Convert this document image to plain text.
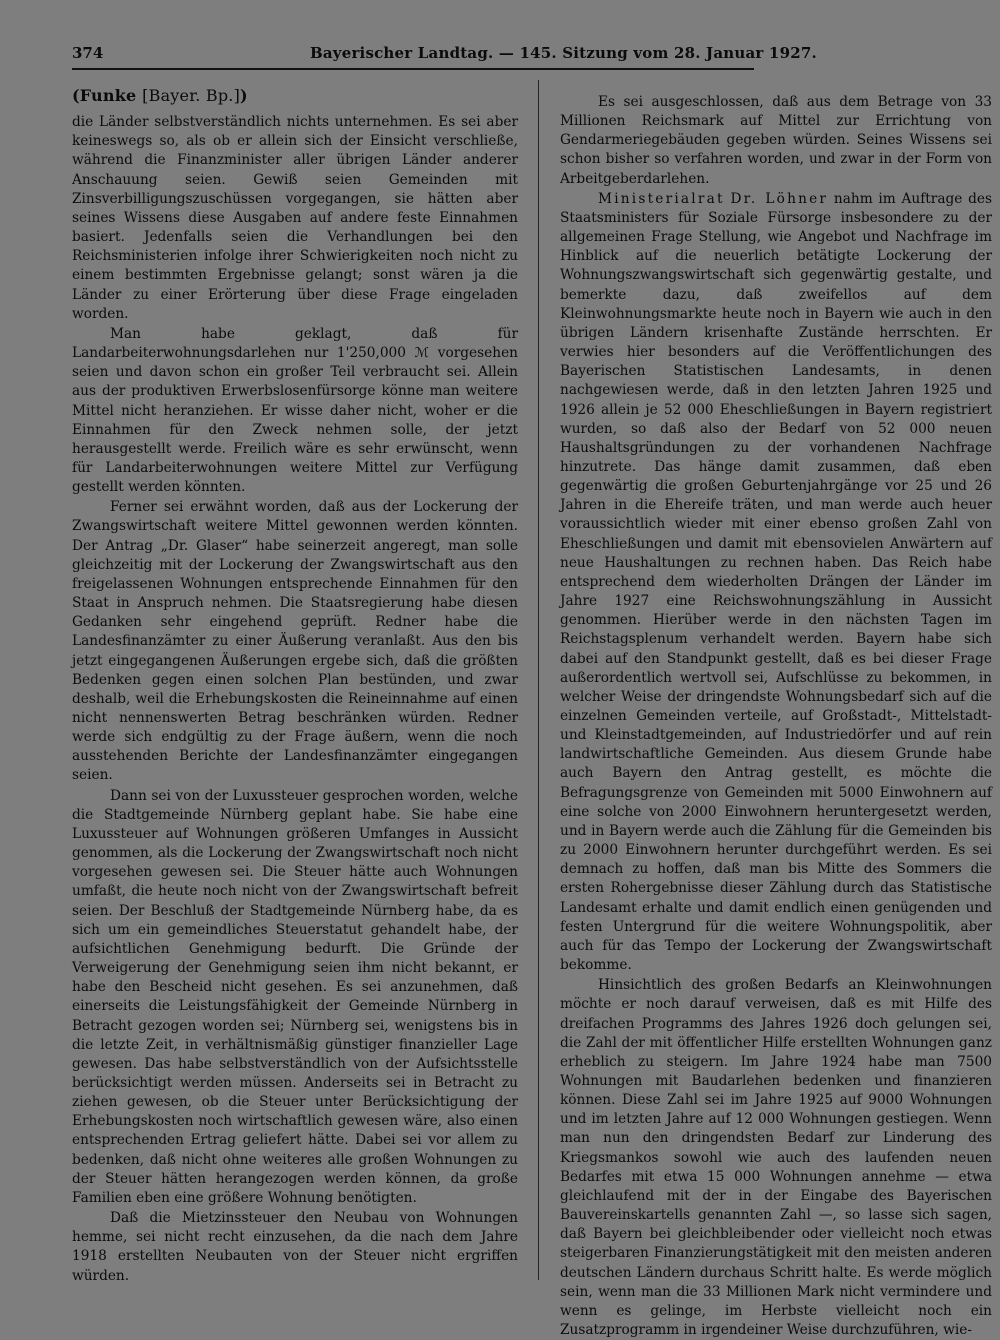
374	Bayerischer Landtag. — 145. Sitzung vom 28. Januar 1927.

(Funke [Bayer. Bp.])

die Länder selbstverständlich nichts unternehmen. Es sei aber keineswegs so, als ob er allein sich der Einsicht verschließe, während die Finanzminister aller übrigen Länder anderer Anschauung seien. Gewiß seien Gemeinden mit Zinsverbilligungszuschüssen vorgegangen, sie hätten aber seines Wissens diese Ausgaben auf andere feste Einnahmen basiert. Jedenfalls seien die Verhandlungen bei den Reichsministerien infolge ihrer Schwierigkeiten noch nicht zu einem bestimmten Ergebnisse gelangt; sonst wären ja die Länder zu einer Erörterung über diese Frage eingeladen worden.

Man habe geklagt, daß für Landarbeiterwohnungsdarlehen nur 1'250,000 ℳ vorgesehen seien und davon schon ein großer Teil verbraucht sei. Allein aus der produktiven Erwerbslosenfürsorge könne man weitere Mittel nicht heranziehen. Er wisse daher nicht, woher er die Einnahmen für den Zweck nehmen solle, der jetzt herausgestellt werde. Freilich wäre es sehr erwünscht, wenn für Landarbeiterwohnungen weitere Mittel zur Verfügung gestellt werden könnten.

Ferner sei erwähnt worden, daß aus der Lockerung der Zwangswirtschaft weitere Mittel gewonnen werden könnten. Der Antrag „Dr. Glaser“ habe seinerzeit angeregt, man solle gleichzeitig mit der Lockerung der Zwangswirtschaft aus den freigelassenen Wohnungen entsprechende Einnahmen für den Staat in Anspruch nehmen. Die Staatsregierung habe diesen Gedanken sehr eingehend geprüft. Redner habe die Landesfinanzämter zu einer Äußerung veranlaßt. Aus den bis jetzt eingegangenen Äußerungen ergebe sich, daß die größten Bedenken gegen einen solchen Plan bestünden, und zwar deshalb, weil die Erhebungskosten die Reineinnahme auf einen nicht nennenswerten Betrag beschränken würden. Redner werde sich endgültig zu der Frage äußern, wenn die noch ausstehenden Berichte der Landesfinanzämter eingegangen seien.

Dann sei von der Luxussteuer gesprochen worden, welche die Stadtgemeinde Nürnberg geplant habe. Sie habe eine Luxussteuer auf Wohnungen größeren Umfanges in Aussicht genommen, als die Lockerung der Zwangswirtschaft noch nicht vorgesehen gewesen sei. Die Steuer hätte auch Wohnungen umfaßt, die heute noch nicht von der Zwangswirtschaft befreit seien. Der Beschluß der Stadtgemeinde Nürnberg habe, da es sich um ein gemeindliches Steuerstatut gehandelt habe, der aufsichtlichen Genehmigung bedurft. Die Gründe der Verweigerung der Genehmigung seien ihm nicht bekannt, er habe den Bescheid nicht gesehen. Es sei anzunehmen, daß einerseits die Leistungsfähigkeit der Gemeinde Nürnberg in Betracht gezogen worden sei; Nürnberg sei, wenigstens bis in die letzte Zeit, in verhältnismäßig günstiger finanzieller Lage gewesen. Das habe selbstverständlich von der Aufsichtsstelle berücksichtigt werden müssen. Anderseits sei in Betracht zu ziehen gewesen, ob die Steuer unter Berücksichtigung der Erhebungskosten noch wirtschaftlich gewesen wäre, also einen entsprechenden Ertrag geliefert hätte. Dabei sei vor allem zu bedenken, daß nicht ohne weiteres alle großen Wohnungen zu der Steuer hätten herangezogen werden können, da große Familien eben eine größere Wohnung benötigten.

Daß die Mietzinssteuer den Neubau von Wohnungen hemme, sei nicht recht einzusehen, da die nach dem Jahre 1918 erstellten Neubauten von der Steuer nicht ergriffen würden.

Es sei ausgeschlossen, daß aus dem Betrage von 33 Millionen Reichsmark auf Mittel zur Errichtung von Gendarmeriegebäuden gegeben würden. Seines Wissens sei schon bisher so verfahren worden, und zwar in der Form von Arbeitgeberdarlehen.

Ministerialrat Dr. Löhner nahm im Auftrage des Staatsministers für Soziale Fürsorge insbesondere zu der allgemeinen Frage Stellung, wie Angebot und Nachfrage im Hinblick auf die neuerlich betätigte Lockerung der Wohnungszwangswirtschaft sich gegenwärtig gestalte, und bemerkte dazu, daß zweifellos auf dem Kleinwohnungsmarkte heute noch in Bayern wie auch in den übrigen Ländern krisenhafte Zustände herrschten. Er verwies hier besonders auf die Veröffentlichungen des Bayerischen Statistischen Landesamts, in denen nachgewiesen werde, daß in den letzten Jahren 1925 und 1926 allein je 52 000 Eheschließungen in Bayern registriert wurden, so daß also der Bedarf von 52 000 neuen Haushaltsgründungen zu der vorhandenen Nachfrage hinzutrete. Das hänge damit zusammen, daß eben gegenwärtig die großen Geburtenjahrgänge vor 25 und 26 Jahren in die Ehereife träten, und man werde auch heuer voraussichtlich wieder mit einer ebenso großen Zahl von Eheschließungen und damit mit ebensovielen Anwärtern auf neue Haushaltungen zu rechnen haben. Das Reich habe entsprechend dem wiederholten Drängen der Länder im Jahre 1927 eine Reichswohnungszählung in Aussicht genommen. Hierüber werde in den nächsten Tagen im Reichstagsplenum verhandelt werden. Bayern habe sich dabei auf den Standpunkt gestellt, daß es bei dieser Frage außerordentlich wertvoll sei, Aufschlüsse zu bekommen, in welcher Weise der dringendste Wohnungsbedarf sich auf die einzelnen Gemeinden verteile, auf Großstadt-, Mittelstadt- und Kleinstadtgemeinden, auf Industriedörfer und auf rein landwirtschaftliche Gemeinden. Aus diesem Grunde habe auch Bayern den Antrag gestellt, es möchte die Befragungsgrenze von Gemeinden mit 5000 Einwohnern auf eine solche von 2000 Einwohnern heruntergesetzt werden, und in Bayern werde auch die Zählung für die Gemeinden bis zu 2000 Einwohnern herunter durchgeführt werden. Es sei demnach zu hoffen, daß man bis Mitte des Sommers die ersten Rohergebnisse dieser Zählung durch das Statistische Landesamt erhalte und damit endlich einen genügenden und festen Untergrund für die weitere Wohnungspolitik, aber auch für das Tempo der Lockerung der Zwangswirtschaft bekomme.

Hinsichtlich des großen Bedarfs an Kleinwohnungen möchte er noch darauf verweisen, daß es mit Hilfe des dreifachen Programms des Jahres 1926 doch gelungen sei, die Zahl der mit öffentlicher Hilfe erstellten Wohnungen ganz erheblich zu steigern. Im Jahre 1924 habe man 7500 Wohnungen mit Baudarlehen bedenken und finanzieren können. Diese Zahl sei im Jahre 1925 auf 9000 Wohnungen und im letzten Jahre auf 12 000 Wohnungen gestiegen. Wenn man nun den dringendsten Bedarf zur Linderung des Kriegsmankos sowohl wie auch des laufenden neuen Bedarfes mit etwa 15 000 Wohnungen annehme — etwa gleichlaufend mit der in der Eingabe des Bayerischen Bauvereinskartells genannten Zahl —, so lasse sich sagen, daß Bayern bei gleichbleibender oder vielleicht noch etwas steigerbaren Finanzierungstätigkeit mit den meisten anderen deutschen Ländern durchaus Schritt halte. Es werde möglich sein, wenn man die 33 Millionen Mark nicht vermindere und wenn es gelinge, im Herbste vielleicht noch ein Zusatzprogramm in irgendeiner Weise durchzuführen, wie-
